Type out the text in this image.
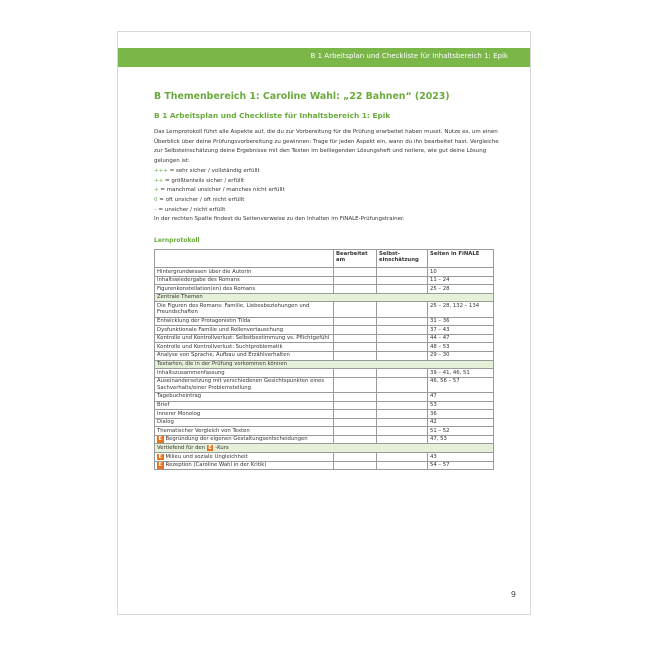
B 1 Arbeitsplan und Checkliste für Inhaltsbereich 1: Epik
B Themenbereich 1: Caroline Wahl: „22 Bahnen“ (2023)
B 1 Arbeitsplan und Checkliste für Inhaltsbereich 1: Epik

Das Lernprotokoll führt alle Aspekte auf, die du zur Vorbereitung für die Prüfung erarbeitet haben musst. Nutze es, um einen Überblick über deine Prüfungsvorbereitung zu gewinnen: Trage für jeden Aspekt ein, wann du ihn bearbeitet hast. Vergleiche zur Selbsteinschätzung deine Ergebnisse mit den Texten im beiliegenden Lösungsheft und notiere, wie gut deine Lösung gelungen ist:

+++ = sehr sicher / vollständig erfüllt
++ = größtenteils sicher / erfüllt
+ = manchmal unsicher / manches nicht erfüllt
0 = oft unsicher / oft nicht erfüllt
– = unsicher / nicht erfüllt

In der rechten Spalte findest du Seitenverweise zu den Inhalten im FiNALE-Prüfungstrainer.

Lernprotokoll
	Bearbeitet am	Selbst-einschätzung	Seiten in FiNALE
Hintergrundwissen über die Autorin			10
Inhaltswiedergabe des Romans			11 – 24
Figurenkonstellation(en) des Romans			25 – 28
Zentrale Themen			
Die Figuren des Romans: Familie, Liebesbeziehungen und Freundschaften			25 – 28, 132 – 134
Entwicklung der Protagonistin Tilda			31 – 36
Dysfunktionale Familie und Rollenvertauschung			37 – 43
Kontrolle und Kontrollverlust: Selbstbestimmung vs. Pflichtgefühl			44 – 47
Kontrolle und Kontrollverlust: Suchtproblematik			48 – 53
Analyse von Sprache, Aufbau und Erzählverhalten			29 – 30
Textarten, die in der Prüfung vorkommen können			
Inhaltszusammenfassung			39 – 41, 46, 51
Auseinandersetzung mit verschiedenen Gesichtspunkten eines Sachverhalts/einer Problemstellung			46, 56 – 57
Tagebucheintrag			47
Brief			53
Innerer Monolog			36
Dialog			42
Thematischer Vergleich von Texten			51 – 52
E Begründung der eigenen Gestaltungsentscheidungen			47, 53
Vertiefend für den E -Kurs			
E Milieu und soziale Ungleichheit			43
E Rezeption (Caroline Wahl in der Kritik)			54 – 57
9
